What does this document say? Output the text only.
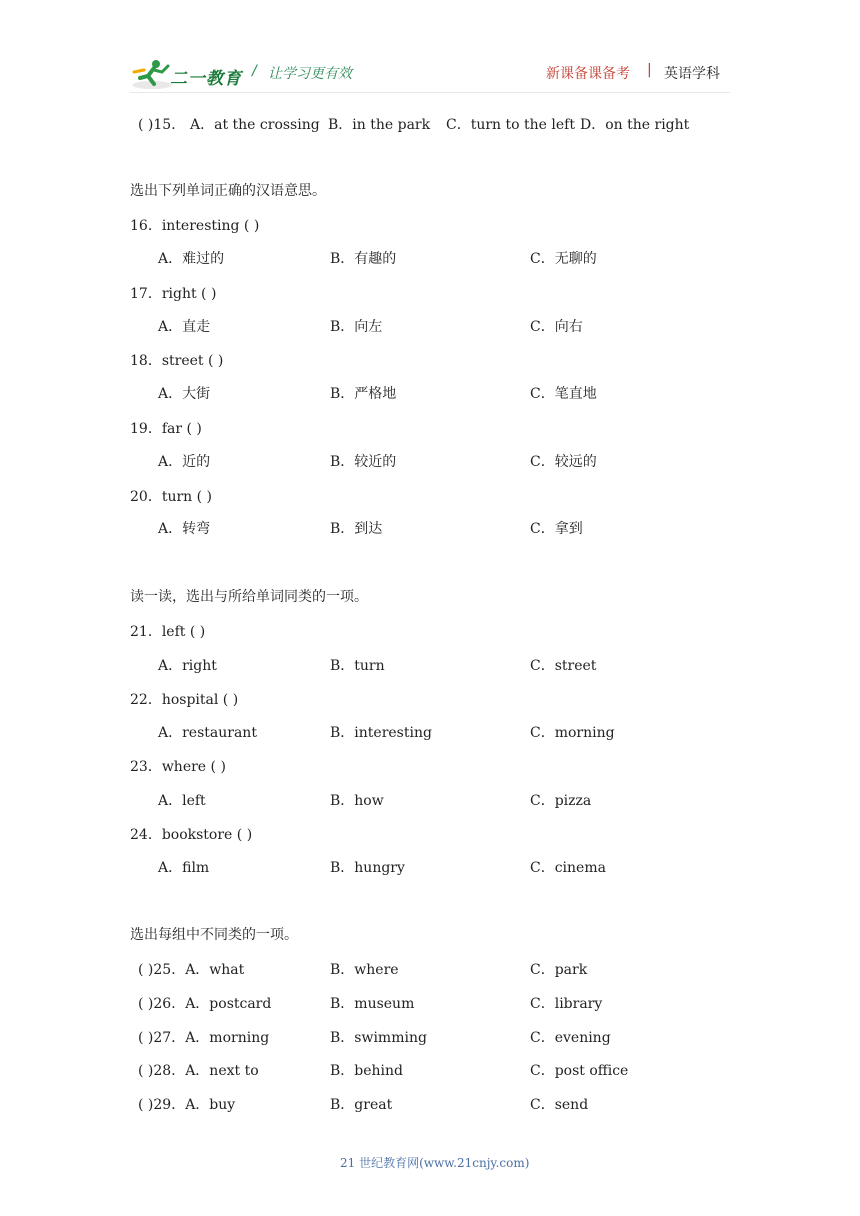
二一教育 / 让学习更有效	新课备课备考 | 英语学科
( )15． A．at the crossing B．in the park C．turn to the left D．on the right
选出下列单词正确的汉语意思。
16．interesting ( )
A．难过的	B．有趣的	C．无聊的
17．right ( )
A．直走	B．向左	C．向右
18．street ( )
A．大街	B．严格地	C．笔直地
19．far ( )
A．近的	B．较近的	C．较远的
20．turn ( )
A．转弯	B．到达	C．拿到
读一读，选出与所给单词同类的一项。
21．left ( )
A．right	B．turn	C．street
22．hospital ( )
A．restaurant	B．interesting	C．morning
23．where ( )
A．left	B．how	C．pizza
24．bookstore ( )
A．film	B．hungry	C．cinema
选出每组中不同类的一项。
( )25．A．what	B．where	C．park
( )26．A．postcard	B．museum	C．library
( )27．A．morning	B．swimming	C．evening
( )28．A．next to	B．behind	C．post office
( )29．A．buy	B．great	C．send
21 世纪教育网(www.21cnjy.com)
